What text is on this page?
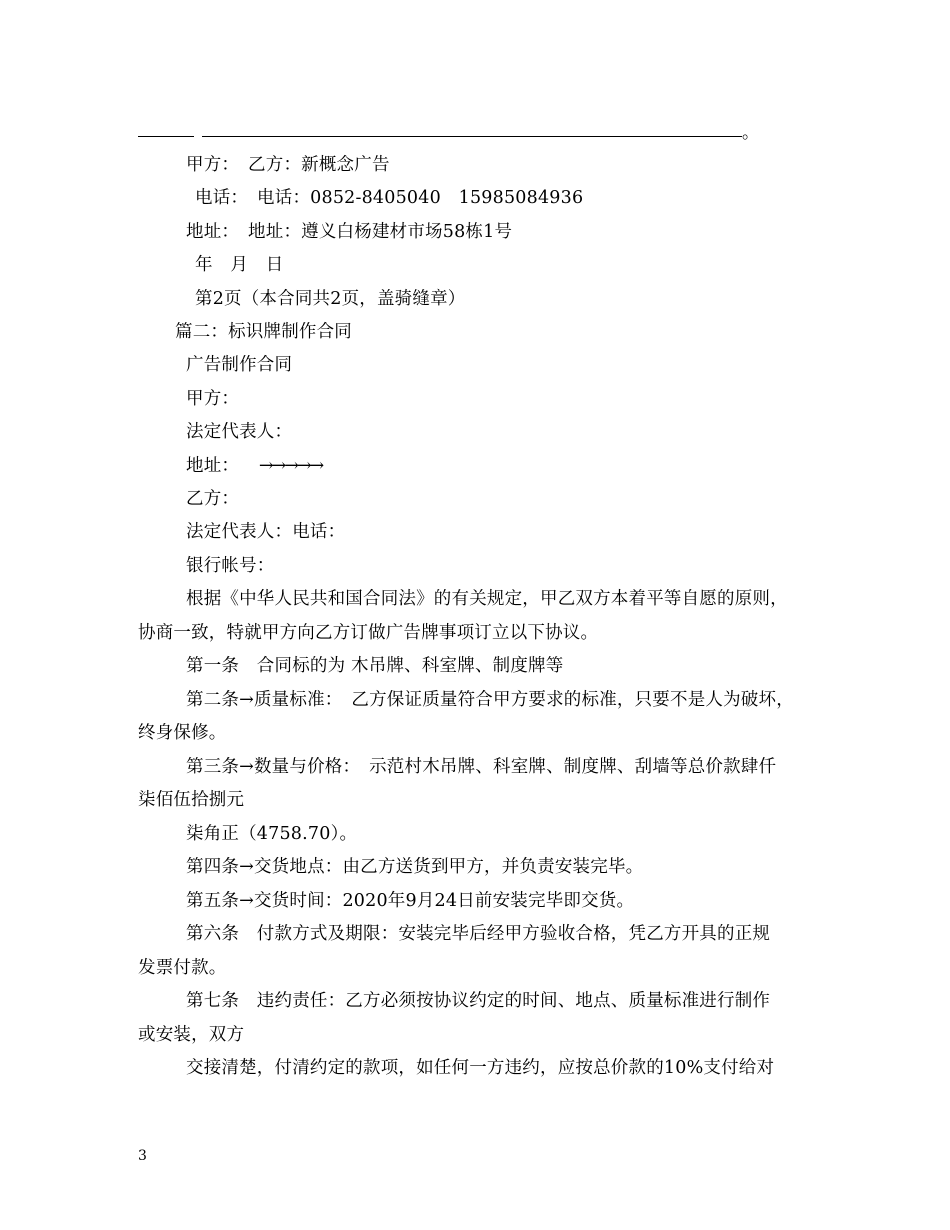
。
甲方：　乙方：新概念广告
电话：　电话：0852-8405040　15985084936
地址：　地址：遵义白杨建材市场58栋1号
年　月　日
第2页（本合同共2页，盖骑缝章）
篇二：标识牌制作合同
广告制作合同
甲方：
法定代表人：
地址： →→→→→
乙方：
法定代表人：电话：
银行帐号：
根据《中华人民共和国合同法》的有关规定，甲乙双方本着平等自愿的原则，
协商一致，特就甲方向乙方订做广告牌事项订立以下协议。
第一条　合同标的为 木吊牌、科室牌、制度牌等
第二条→质量标准：　乙方保证质量符合甲方要求的标准，只要不是人为破坏，
终身保修。
第三条→数量与价格：　示范村木吊牌、科室牌、制度牌、刮墙等总价款肆仟
柒佰伍拾捌元
柒角正（4758.70）。
第四条→交货地点：由乙方送货到甲方，并负责安装完毕。
第五条→交货时间：2020年9月24日前安装完毕即交货。
第六条　付款方式及期限：安装完毕后经甲方验收合格，凭乙方开具的正规
发票付款。
第七条　违约责任：乙方必须按协议约定的时间、地点、质量标准进行制作
或安装，双方
交接清楚，付清约定的款项，如任何一方违约，应按总价款的10%支付给对
3
